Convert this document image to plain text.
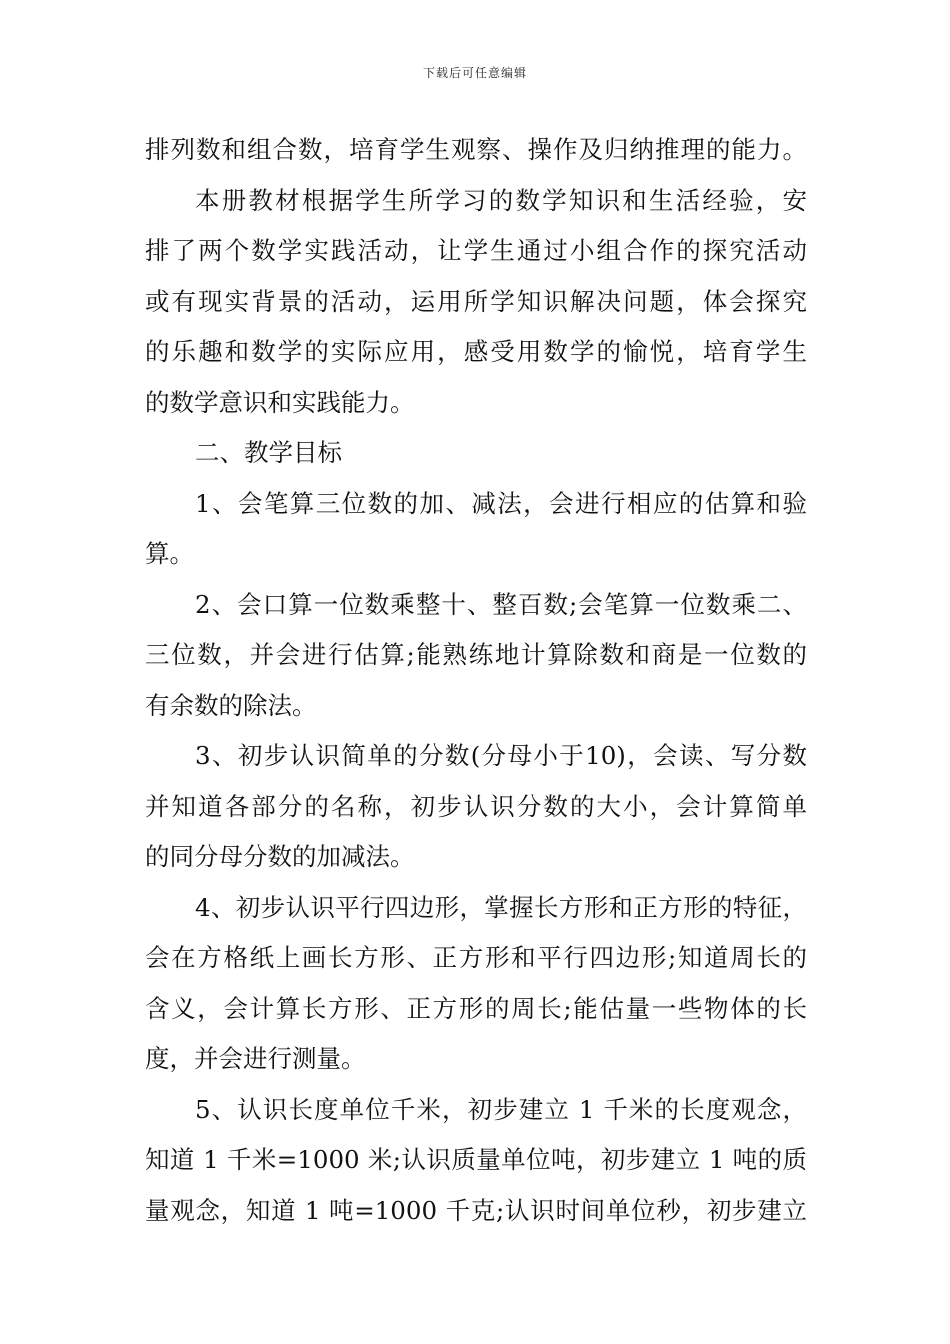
下载后可任意编辑
排列数和组合数，培育学生观察、操作及归纳推理的能力。
本册教材根据学生所学习的数学知识和生活经验，安
排了两个数学实践活动，让学生通过小组合作的探究活动
或有现实背景的活动，运用所学知识解决问题，体会探究
的乐趣和数学的实际应用，感受用数学的愉悦，培育学生
的数学意识和实践能力。
二、教学目标
1、会笔算三位数的加、减法，会进行相应的估算和验
算。
2、会口算一位数乘整十、整百数;会笔算一位数乘二、
三位数，并会进行估算;能熟练地计算除数和商是一位数的
有余数的除法。
3、初步认识简单的分数(分母小于10)，会读、写分数
并知道各部分的名称，初步认识分数的大小，会计算简单
的同分母分数的加减法。
4、初步认识平行四边形，掌握长方形和正方形的特征，
会在方格纸上画长方形、正方形和平行四边形;知道周长的
含义，会计算长方形、正方形的周长;能估量一些物体的长
度，并会进行测量。
5、认识长度单位千米，初步建立 1 千米的长度观念，
知道 1 千米=1000 米;认识质量单位吨，初步建立 1 吨的质
量观念，知道 1 吨=1000 千克;认识时间单位秒，初步建立
